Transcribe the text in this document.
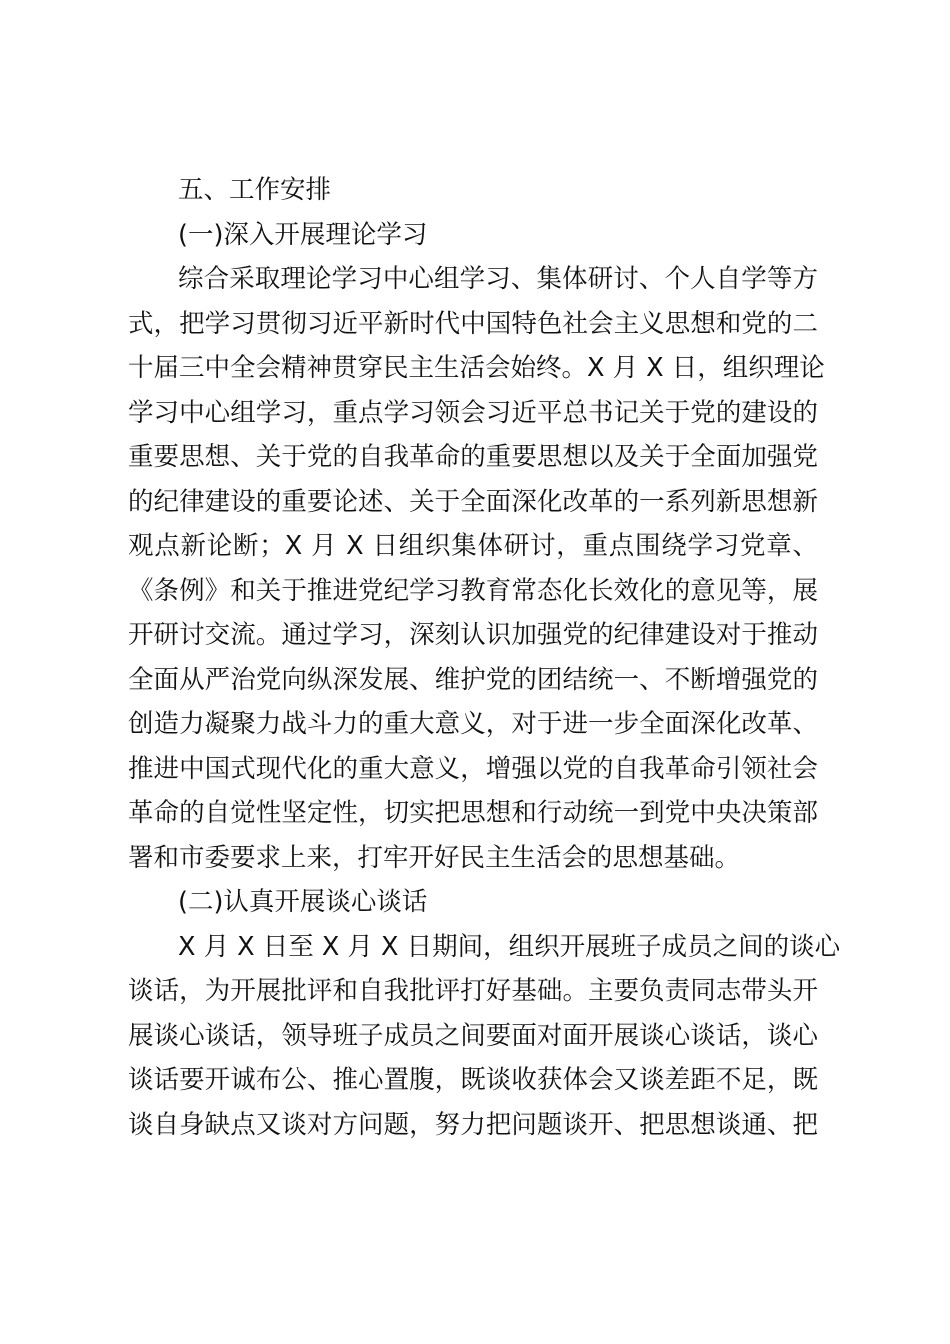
五、工作安排
(一)深入开展理论学习
综合采取理论学习中心组学习、集体研讨、个人自学等方
式，把学习贯彻习近平新时代中国特色社会主义思想和党的二
十届三中全会精神贯穿民主生活会始终。X 月 X 日，组织理论
学习中心组学习，重点学习领会习近平总书记关于党的建设的
重要思想、关于党的自我革命的重要思想以及关于全面加强党
的纪律建设的重要论述、关于全面深化改革的一系列新思想新
观点新论断；X 月 X 日组织集体研讨，重点围绕学习党章、
《条例》和关于推进党纪学习教育常态化长效化的意见等，展
开研讨交流。通过学习，深刻认识加强党的纪律建设对于推动
全面从严治党向纵深发展、维护党的团结统一、不断增强党的
创造力凝聚力战斗力的重大意义，对于进一步全面深化改革、
推进中国式现代化的重大意义，增强以党的自我革命引领社会
革命的自觉性坚定性，切实把思想和行动统一到党中央决策部
署和市委要求上来，打牢开好民主生活会的思想基础。
(二)认真开展谈心谈话
X 月 X 日至 X 月 X 日期间，组织开展班子成员之间的谈心
谈话，为开展批评和自我批评打好基础。主要负责同志带头开
展谈心谈话，领导班子成员之间要面对面开展谈心谈话，谈心
谈话要开诚布公、推心置腹，既谈收获体会又谈差距不足，既
谈自身缺点又谈对方问题，努力把问题谈开、把思想谈通、把
